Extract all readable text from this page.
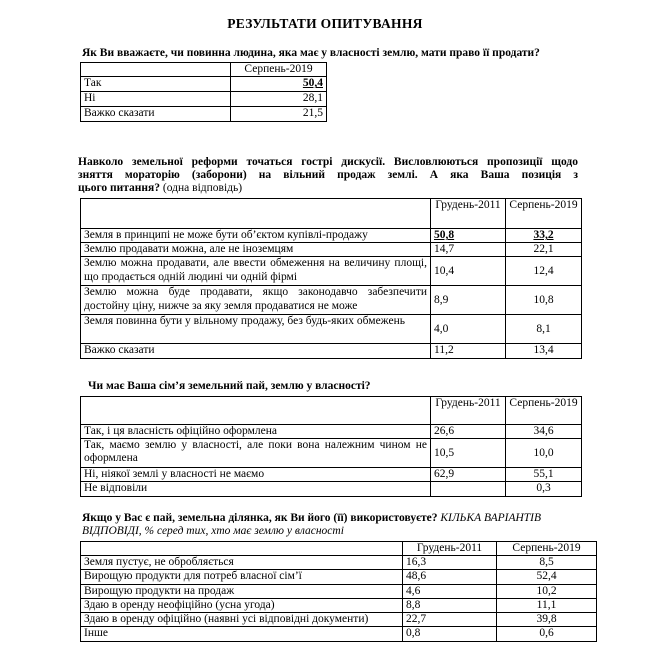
РЕЗУЛЬТАТИ ОПИТУВАННЯ
Як Ви вважаєте, чи повинна людина, яка має у власності землю, мати право її продати?
	Серпень-2019
Так	50,4
Ні	28,1
Важко сказати	21,5
Навколо земельної реформи точаться гострі дискусії. Висловлюються пропозиції щодо
зняття мораторію (заборони) на вільний продаж землі. А яка Ваша позиція з
цього питання? (одна відповідь)
	Грудень-2011	Серпень-2019
Земля в принципі не може бути об’єктом купівлі-продажу	50,8	33,2
Землю продавати можна, але не іноземцям	14,7	22,1
Землю можна продавати, але ввести обмеження на величину площі, що продається одній людині чи одній фірмі	10,4	12,4
Землю можна буде продавати, якщо законодавчо забезпечити достойну ціну, нижче за яку земля продаватися не може	8,9	10,8
Земля повинна бути у вільному продажу, без будь-яких обмежень	4,0	8,1
Важко сказати	11,2	13,4
Чи має Ваша сім’я земельний пай, землю у власності?
	Грудень-2011	Серпень-2019
Так, і ця власність офіційно оформлена	26,6	34,6
Так, маємо землю у власності, але поки вона належним чином не оформлена	10,5	10,0
Ні, ніякої землі у власності не маємо	62,9	55,1
Не відповіли		0,3
Якщо у Вас є пай, земельна ділянка, як Ви його (її) використовуєте? КІЛЬКА ВАРІАНТІВ ВІДПОВІДІ, % серед тих, хто має землю у власності
	Грудень-2011	Серпень-2019
Земля пустує, не обробляється	16,3	8,5
Вирощую продукти для потреб власної сім’ї	48,6	52,4
Вирощую продукти на продаж	4,6	10,2
Здаю в оренду неофіційно (усна угода)	8,8	11,1
Здаю в оренду офіційно (наявні усі відповідні документи)	22,7	39,8
Інше	0,8	0,6
